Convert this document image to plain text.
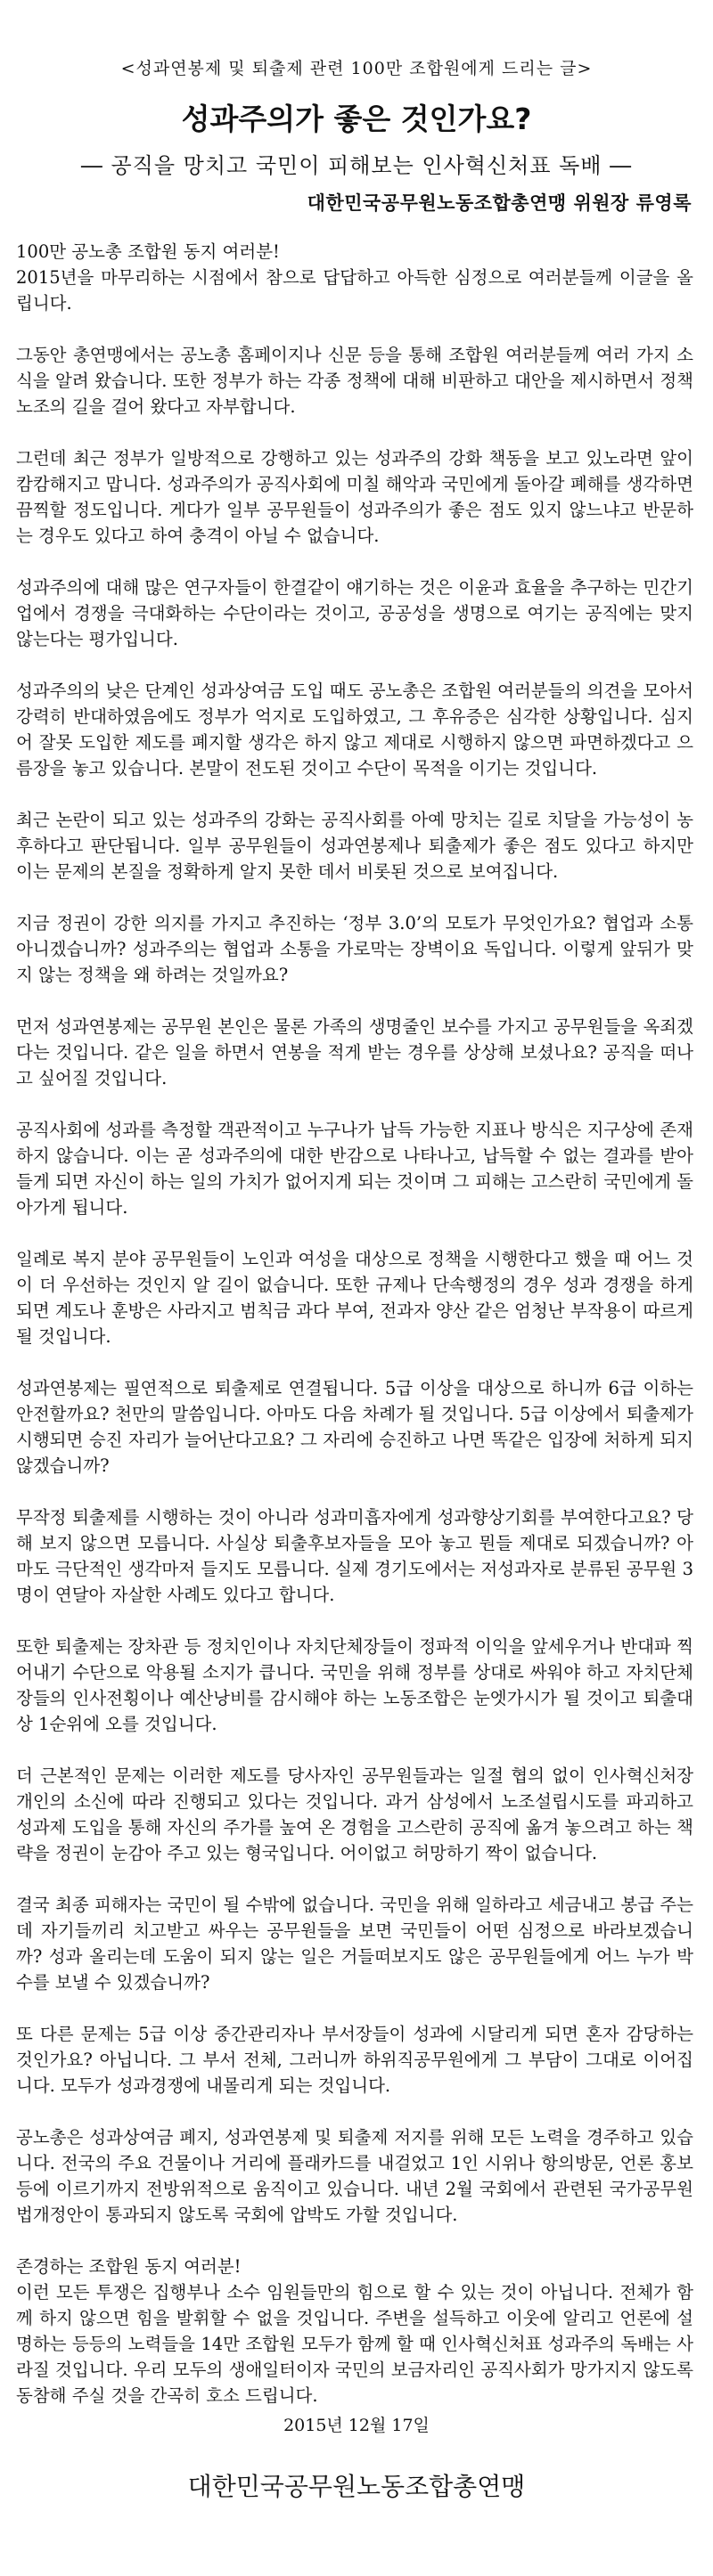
<성과연봉제 및 퇴출제 관련 100만 조합원에게 드리는 글>
성과주의가 좋은 것인가요?
― 공직을 망치고 국민이 피해보는 인사혁신처표 독배 ―
대한민국공무원노동조합총연맹 위원장 류영록

100만 공노총 조합원 동지 여러분!
2015년을 마무리하는 시점에서 참으로 답답하고 아득한 심정으로 여러분들께 이글을 올립니다.

그동안 총연맹에서는 공노총 홈페이지나 신문 등을 통해 조합원 여러분들께 여러 가지 소식을 알려 왔습니다. 또한 정부가 하는 각종 정책에 대해 비판하고 대안을 제시하면서 정책노조의 길을 걸어 왔다고 자부합니다.

그런데 최근 정부가 일방적으로 강행하고 있는 성과주의 강화 책동을 보고 있노라면 앞이 캄캄해지고 맙니다. 성과주의가 공직사회에 미칠 해악과 국민에게 돌아갈 폐해를 생각하면 끔찍할 정도입니다. 게다가 일부 공무원들이 성과주의가 좋은 점도 있지 않느냐고 반문하는 경우도 있다고 하여 충격이 아닐 수 없습니다.

성과주의에 대해 많은 연구자들이 한결같이 얘기하는 것은 이윤과 효율을 추구하는 민간기업에서 경쟁을 극대화하는 수단이라는 것이고, 공공성을 생명으로 여기는 공직에는 맞지 않는다는 평가입니다.

성과주의의 낮은 단계인 성과상여금 도입 때도 공노총은 조합원 여러분들의 의견을 모아서 강력히 반대하였음에도 정부가 억지로 도입하였고, 그 후유증은 심각한 상황입니다. 심지어 잘못 도입한 제도를 폐지할 생각은 하지 않고 제대로 시행하지 않으면 파면하겠다고 으름장을 놓고 있습니다. 본말이 전도된 것이고 수단이 목적을 이기는 것입니다.

최근 논란이 되고 있는 성과주의 강화는 공직사회를 아예 망치는 길로 치달을 가능성이 농후하다고 판단됩니다. 일부 공무원들이 성과연봉제나 퇴출제가 좋은 점도 있다고 하지만 이는 문제의 본질을 정확하게 알지 못한 데서 비롯된 것으로 보여집니다.

지금 정권이 강한 의지를 가지고 추진하는 ‘정부 3.0’의 모토가 무엇인가요? 협업과 소통 아니겠습니까? 성과주의는 협업과 소통을 가로막는 장벽이요 독입니다. 이렇게 앞뒤가 맞지 않는 정책을 왜 하려는 것일까요?

먼저 성과연봉제는 공무원 본인은 물론 가족의 생명줄인 보수를 가지고 공무원들을 옥죄겠다는 것입니다. 같은 일을 하면서 연봉을 적게 받는 경우를 상상해 보셨나요? 공직을 떠나고 싶어질 것입니다.

공직사회에 성과를 측정할 객관적이고 누구나가 납득 가능한 지표나 방식은 지구상에 존재하지 않습니다. 이는 곧 성과주의에 대한 반감으로 나타나고, 납득할 수 없는 결과를 받아들게 되면 자신이 하는 일의 가치가 없어지게 되는 것이며 그 피해는 고스란히 국민에게 돌아가게 됩니다.

일례로 복지 분야 공무원들이 노인과 여성을 대상으로 정책을 시행한다고 했을 때 어느 것이 더 우선하는 것인지 알 길이 없습니다. 또한 규제나 단속행정의 경우 성과 경쟁을 하게 되면 계도나 훈방은 사라지고 범칙금 과다 부여, 전과자 양산 같은 엄청난 부작용이 따르게 될 것입니다.

성과연봉제는 필연적으로 퇴출제로 연결됩니다. 5급 이상을 대상으로 하니까 6급 이하는 안전할까요? 천만의 말씀입니다. 아마도 다음 차례가 될 것입니다. 5급 이상에서 퇴출제가 시행되면 승진 자리가 늘어난다고요? 그 자리에 승진하고 나면 똑같은 입장에 처하게 되지 않겠습니까?

무작정 퇴출제를 시행하는 것이 아니라 성과미흡자에게 성과향상기회를 부여한다고요? 당해 보지 않으면 모릅니다. 사실상 퇴출후보자들을 모아 놓고 뭔들 제대로 되겠습니까? 아마도 극단적인 생각마저 들지도 모릅니다. 실제 경기도에서는 저성과자로 분류된 공무원 3명이 연달아 자살한 사례도 있다고 합니다.

또한 퇴출제는 장차관 등 정치인이나 자치단체장들이 정파적 이익을 앞세우거나 반대파 찍어내기 수단으로 악용될 소지가 큽니다. 국민을 위해 정부를 상대로 싸워야 하고 자치단체장들의 인사전횡이나 예산낭비를 감시해야 하는 노동조합은 눈엣가시가 될 것이고 퇴출대상 1순위에 오를 것입니다.

더 근본적인 문제는 이러한 제도를 당사자인 공무원들과는 일절 협의 없이 인사혁신처장 개인의 소신에 따라 진행되고 있다는 것입니다. 과거 삼성에서 노조설립시도를 파괴하고 성과제 도입을 통해 자신의 주가를 높여 온 경험을 고스란히 공직에 옮겨 놓으려고 하는 책략을 정권이 눈감아 주고 있는 형국입니다. 어이없고 허망하기 짝이 없습니다.

결국 최종 피해자는 국민이 될 수밖에 없습니다. 국민을 위해 일하라고 세금내고 봉급 주는데 자기들끼리 치고받고 싸우는 공무원들을 보면 국민들이 어떤 심정으로 바라보겠습니까? 성과 올리는데 도움이 되지 않는 일은 거들떠보지도 않은 공무원들에게 어느 누가 박수를 보낼 수 있겠습니까?

또 다른 문제는 5급 이상 중간관리자나 부서장들이 성과에 시달리게 되면 혼자 감당하는 것인가요? 아닙니다. 그 부서 전체, 그러니까 하위직공무원에게 그 부담이 그대로 이어집니다. 모두가 성과경쟁에 내몰리게 되는 것입니다.

공노총은 성과상여금 폐지, 성과연봉제 및 퇴출제 저지를 위해 모든 노력을 경주하고 있습니다. 전국의 주요 건물이나 거리에 플래카드를 내걸었고 1인 시위나 항의방문, 언론 홍보 등에 이르기까지 전방위적으로 움직이고 있습니다. 내년 2월 국회에서 관련된 국가공무원법개정안이 통과되지 않도록 국회에 압박도 가할 것입니다.

존경하는 조합원 동지 여러분!
이런 모든 투쟁은 집행부나 소수 임원들만의 힘으로 할 수 있는 것이 아닙니다. 전체가 함께 하지 않으면 힘을 발휘할 수 없을 것입니다. 주변을 설득하고 이웃에 알리고 언론에 설명하는 등등의 노력들을 14만 조합원 모두가 함께 할 때 인사혁신처표 성과주의 독배는 사라질 것입니다. 우리 모두의 생애일터이자 국민의 보금자리인 공직사회가 망가지지 않도록 동참해 주실 것을 간곡히 호소 드립니다.

2015년 12월 17일
대한민국공무원노동조합총연맹
